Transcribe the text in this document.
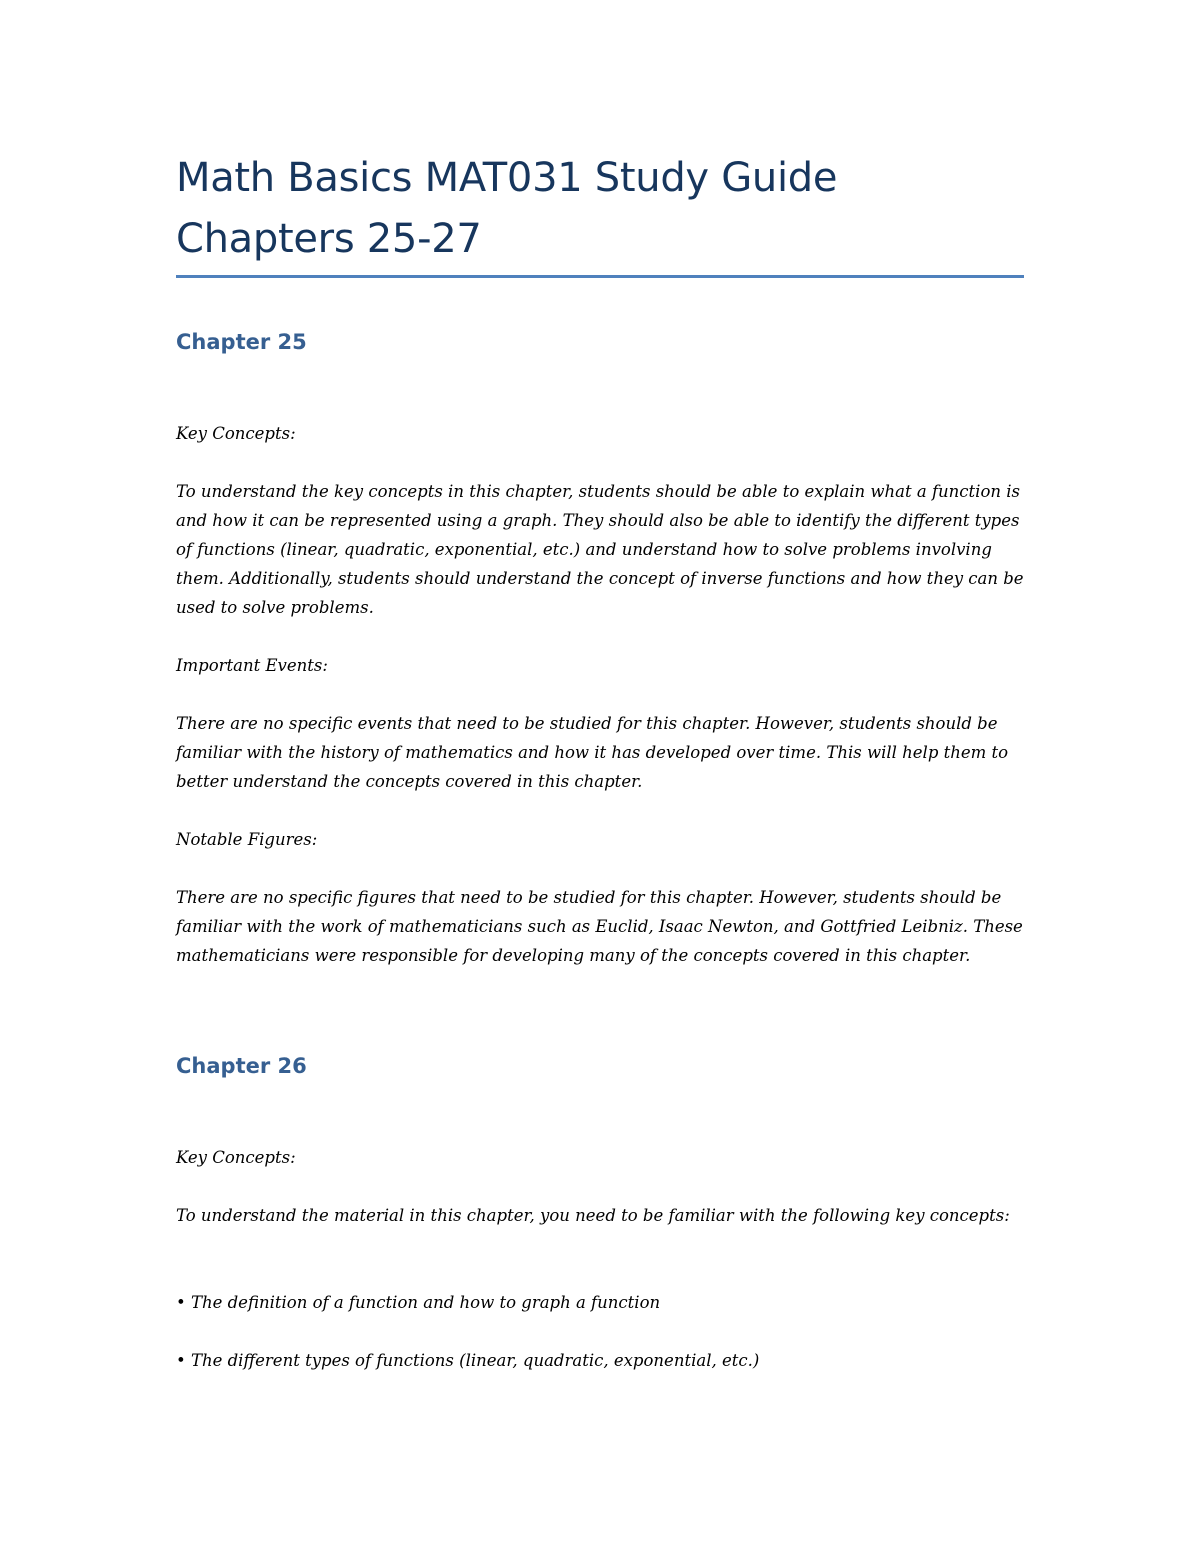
Math Basics MAT031 Study Guide
Chapters 25-27
Chapter 25

Key Concepts:

To understand the key concepts in this chapter, students should be able to explain what a function is and how it can be represented using a graph. They should also be able to identify the different types of functions (linear, quadratic, exponential, etc.) and understand how to solve problems involving them. Additionally, students should understand the concept of inverse functions and how they can be used to solve problems.

Important Events:

There are no specific events that need to be studied for this chapter. However, students should be familiar with the history of mathematics and how it has developed over time. This will help them to better understand the concepts covered in this chapter.

Notable Figures:

There are no specific figures that need to be studied for this chapter. However, students should be familiar with the work of mathematicians such as Euclid, Isaac Newton, and Gottfried Leibniz. These mathematicians were responsible for developing many of the concepts covered in this chapter.

Chapter 26

Key Concepts:

To understand the material in this chapter, you need to be familiar with the following key concepts:

• The definition of a function and how to graph a function

• The different types of functions (linear, quadratic, exponential, etc.)
